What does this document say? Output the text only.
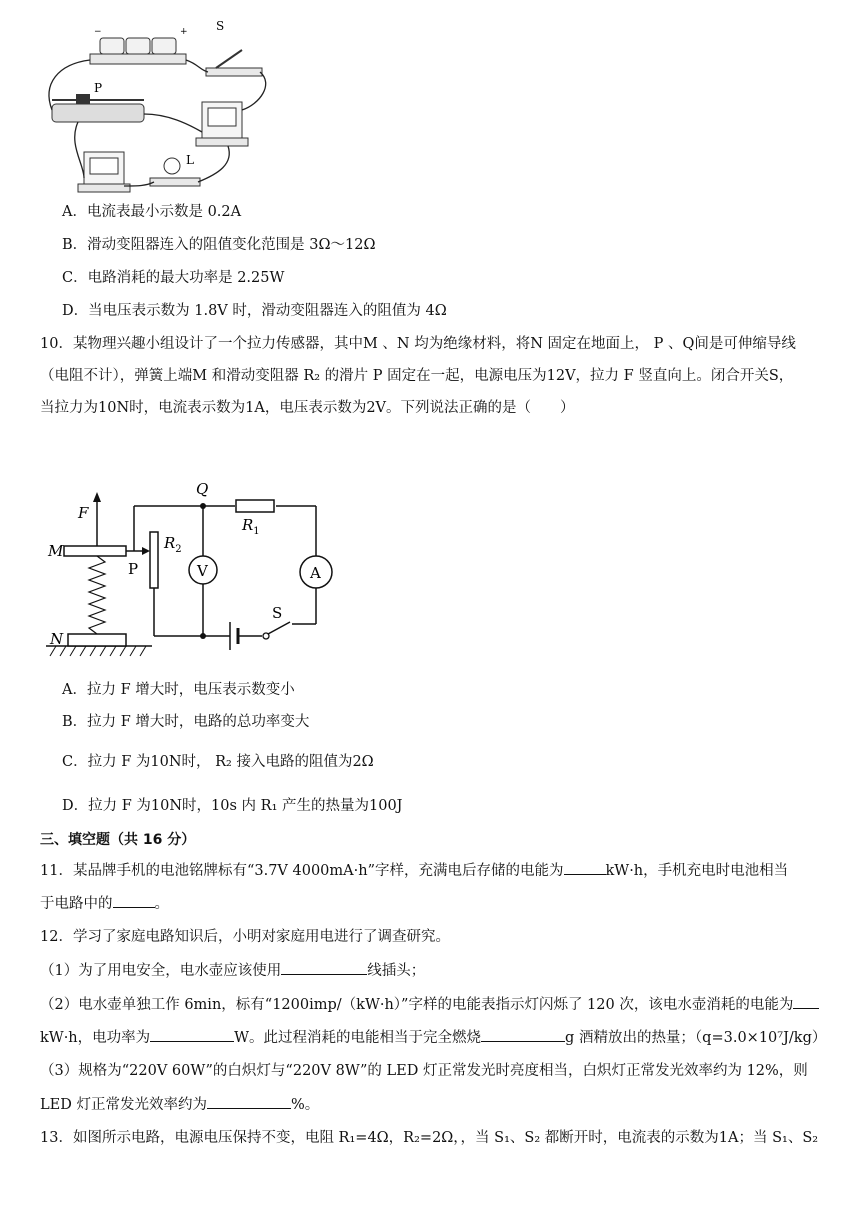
−	+ S
P
L
A．电流表最小示数是 0.2A
B．滑动变阻器连入的阻值变化范围是 3Ω～12Ω
C．电路消耗的最大功率是 2.25W
D．当电压表示数为 1.8V 时，滑动变阻器连入的阻值为 4Ω
10．某物理兴趣小组设计了一个拉力传感器，其中M 、N 均为绝缘材料，将N 固定在地面上， P 、Q间是可伸缩导线
（电阻不计），弹簧上端M 和滑动变阻器 R₂ 的滑片 P 固定在一起，电源电压为12V，拉力 F 竖直向上。闭合开关S，
当拉力为10N时，电流表示数为1A，电压表示数为2V。下列说法正确的是（　　）
N
M
F
P
$R_2$
S
$R_1$
Q
V	A
A．拉力 F 增大时，电压表示数变小
B．拉力 F 增大时，电路的总功率变大
C．拉力 F 为10N时， R₂ 接入电路的阻值为2Ω
D．拉力 F 为10N时，10s 内 R₁ 产生的热量为100J
三、填空题（共 16 分）
11．某品牌手机的电池铭牌标有“3.7V 4000mA·h”字样，充满电后存储的电能为	kW·h，手机充电时电池相当
于电路中的	。
12．学习了家庭电路知识后，小明对家庭用电进行了调查研究。
（1）为了用电安全，电水壶应该使用	线插头；
（2）电水壶单独工作 6min，标有“1200imp/（kW·h）”字样的电能表指示灯闪烁了 120 次，该电水壶消耗的电能为
kW·h，电功率为	W。此过程消耗的电能相当于完全燃烧	g 酒精放出的热量；（q=3.0×10⁷J/kg）
（3）规格为“220V 60W”的白炽灯与“220V 8W”的 LED 灯正常发光时亮度相当，白炽灯正常发光效率约为 12%，则
LED 灯正常发光效率约为	%。
13．如图所示电路，电源电压保持不变，电阻 R₁=4Ω，R₂=2Ω，，当 S₁、S₂ 都断开时，电流表的示数为1A；当 S₁、S₂
